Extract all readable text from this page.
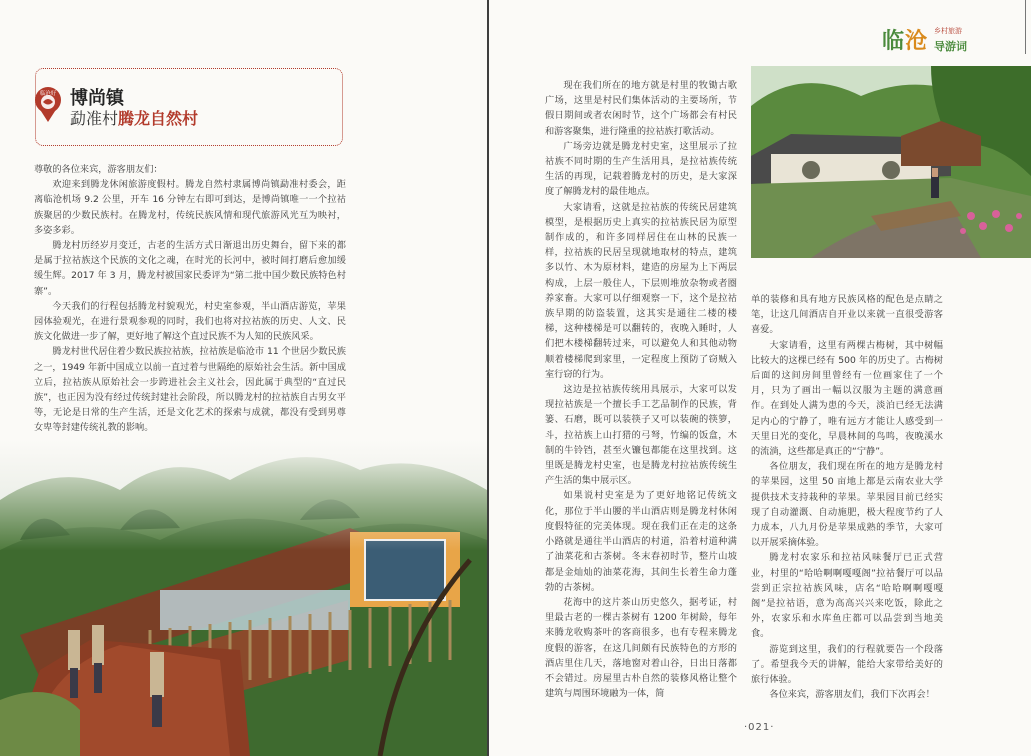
临沧好 博尚镇
勐准村腾龙自然村

尊敬的各位来宾，游客朋友们：

欢迎来到腾龙休闲旅游度假村。腾龙自然村隶属博尚镇勐准村委会，距离临沧机场 9.2 公里，开车 16 分钟左右即可到达，是博尚镇唯一一个拉祜族聚居的少数民族村。在腾龙村，传统民族风情和现代旅游风光互为映衬，多姿多彩。

腾龙村历经岁月变迁，古老的生活方式日渐退出历史舞台，留下来的都是属于拉祜族这个民族的文化之魂，在时光的长河中，被时间打磨后愈加缓缓生辉。2017 年 3 月，腾龙村被国家民委评为“第二批中国少数民族特色村寨”。

今天我们的行程包括腾龙村貌观光，村史室参观，半山酒店游览，苹果园体验观光，在进行景观参观的同时，我们也将对拉祜族的历史、人文、民族文化做进一步了解，更好地了解这个直过民族不为人知的民族风采。

腾龙村世代居住着少数民族拉祜族，拉祜族是临沧市 11 个世居少数民族之一，1949 年新中国成立以前一直过着与世隔绝的原始社会生活。新中国成立后，拉祜族从原始社会一步跨进社会主义社会，因此属于典型的“直过民族”，也正因为没有经过传统封建社会阶段，所以腾龙村的拉祜族自古男女平等，无论是日常的生产生活，还是文化艺术的探索与成就，都没有受到男尊女卑等封建传统礼教的影响。

临沧 乡村旅游
导游词

现在我们所在的地方就是村里的牧锄古歌广场，这里是村民们集体活动的主要场所，节假日期间或者农闲时节，这个广场都会有村民和游客聚集，进行隆重的拉祜族打歌活动。

广场旁边就是腾龙村史室，这里展示了拉祜族不同时期的生产生活用具，是拉祜族传统生活的再现，记载着腾龙村的历史，是大家深度了解腾龙村的最佳地点。

大家请看，这就是拉祜族的传统民居建筑模型，是根据历史上真实的拉祜族民居为原型制作成的，和许多同样居住在山林的民族一样，拉祜族的民居呈现就地取材的特点，建筑多以竹、木为原材料，建造的房屋为上下两层构成，上层一般住人，下层则堆放杂物或者圈养家畜。大家可以仔细观察一下，这个是拉祜族早期的防盗装置，这其实是通往二楼的楼梯，这种楼梯是可以翻转的，夜晚入睡时，人们把木楼梯翻转过来，可以避免人和其他动物顺着楼梯爬到家里，一定程度上预防了窃贼入室行窃的行为。

这边是拉祜族传统用具展示，大家可以发现拉祜族是一个擅长手工艺品制作的民族，背篓、石磨，既可以装筷子又可以装碗的筷箩，斗，拉祜族上山打猎的弓弩，竹编的饭盒，木制的牛铃铛，甚至火镰包都能在这里找到。这里既是腾龙村史室，也是腾龙村拉祜族传统生产生活的集中展示区。

如果说村史室是为了更好地铭记传统文化，那位于半山腰的半山酒店则是腾龙村休闲度假特征的完美体现。现在我们正在走的这条小路就是通往半山酒店的村道，沿着村道种满了油菜花和古茶树。冬末春初时节，整片山坡都是金灿灿的油菜花海，其间生长着生命力蓬勃的古茶树。

花海中的这片茶山历史悠久，据考证，村里最古老的一棵古茶树有 1200 年树龄，每年来腾龙收购茶叶的客商很多，也有专程来腾龙度假的游客，在这几间颇有民族特色的方形的酒店里住几天，落地窗对着山谷，日出日落都不会错过。房屋里古朴自然的装修风格让整个建筑与周围环境融为一体，简

单的装修和具有地方民族风格的配色是点睛之笔，让这几间酒店自开业以来就一直很受游客喜爱。

大家请看，这里有两棵古梅树，其中树幅比较大的这棵已经有 500 年的历史了。古梅树后面的这间房间里曾经有一位画家住了一个月，只为了画出一幅以汉服为主题的满意画作。在到处人满为患的今天，淡泊已经无法满足内心的宁静了，唯有远方才能让人感受到一天里日光的变化，早晨林间的鸟鸣，夜晚溪水的流淌，这些都是真正的“宁静”。

各位朋友，我们现在所在的地方是腾龙村的苹果园，这里 50 亩地上都是云南农业大学提供技术支持栽种的苹果。苹果园目前已经实现了自动灌溉、自动施肥，极大程度节约了人力成本，八九月份是苹果成熟的季节，大家可以开展采摘体验。

腾龙村农家乐和拉祜风味餐厅已正式营业，村里的“哈哈啊啊嘎嘎阁”拉祜餐厅可以品尝到正宗拉祜族风味，店名“哈哈啊啊嘎嘎阁”是拉祜语，意为高高兴兴来吃饭，除此之外，农家乐和水库鱼庄都可以品尝到当地美食。

游览到这里，我们的行程就要告一个段落了。希望我今天的讲解，能给大家带给美好的旅行体验。

各位来宾，游客朋友们，我们下次再会！

·021·
